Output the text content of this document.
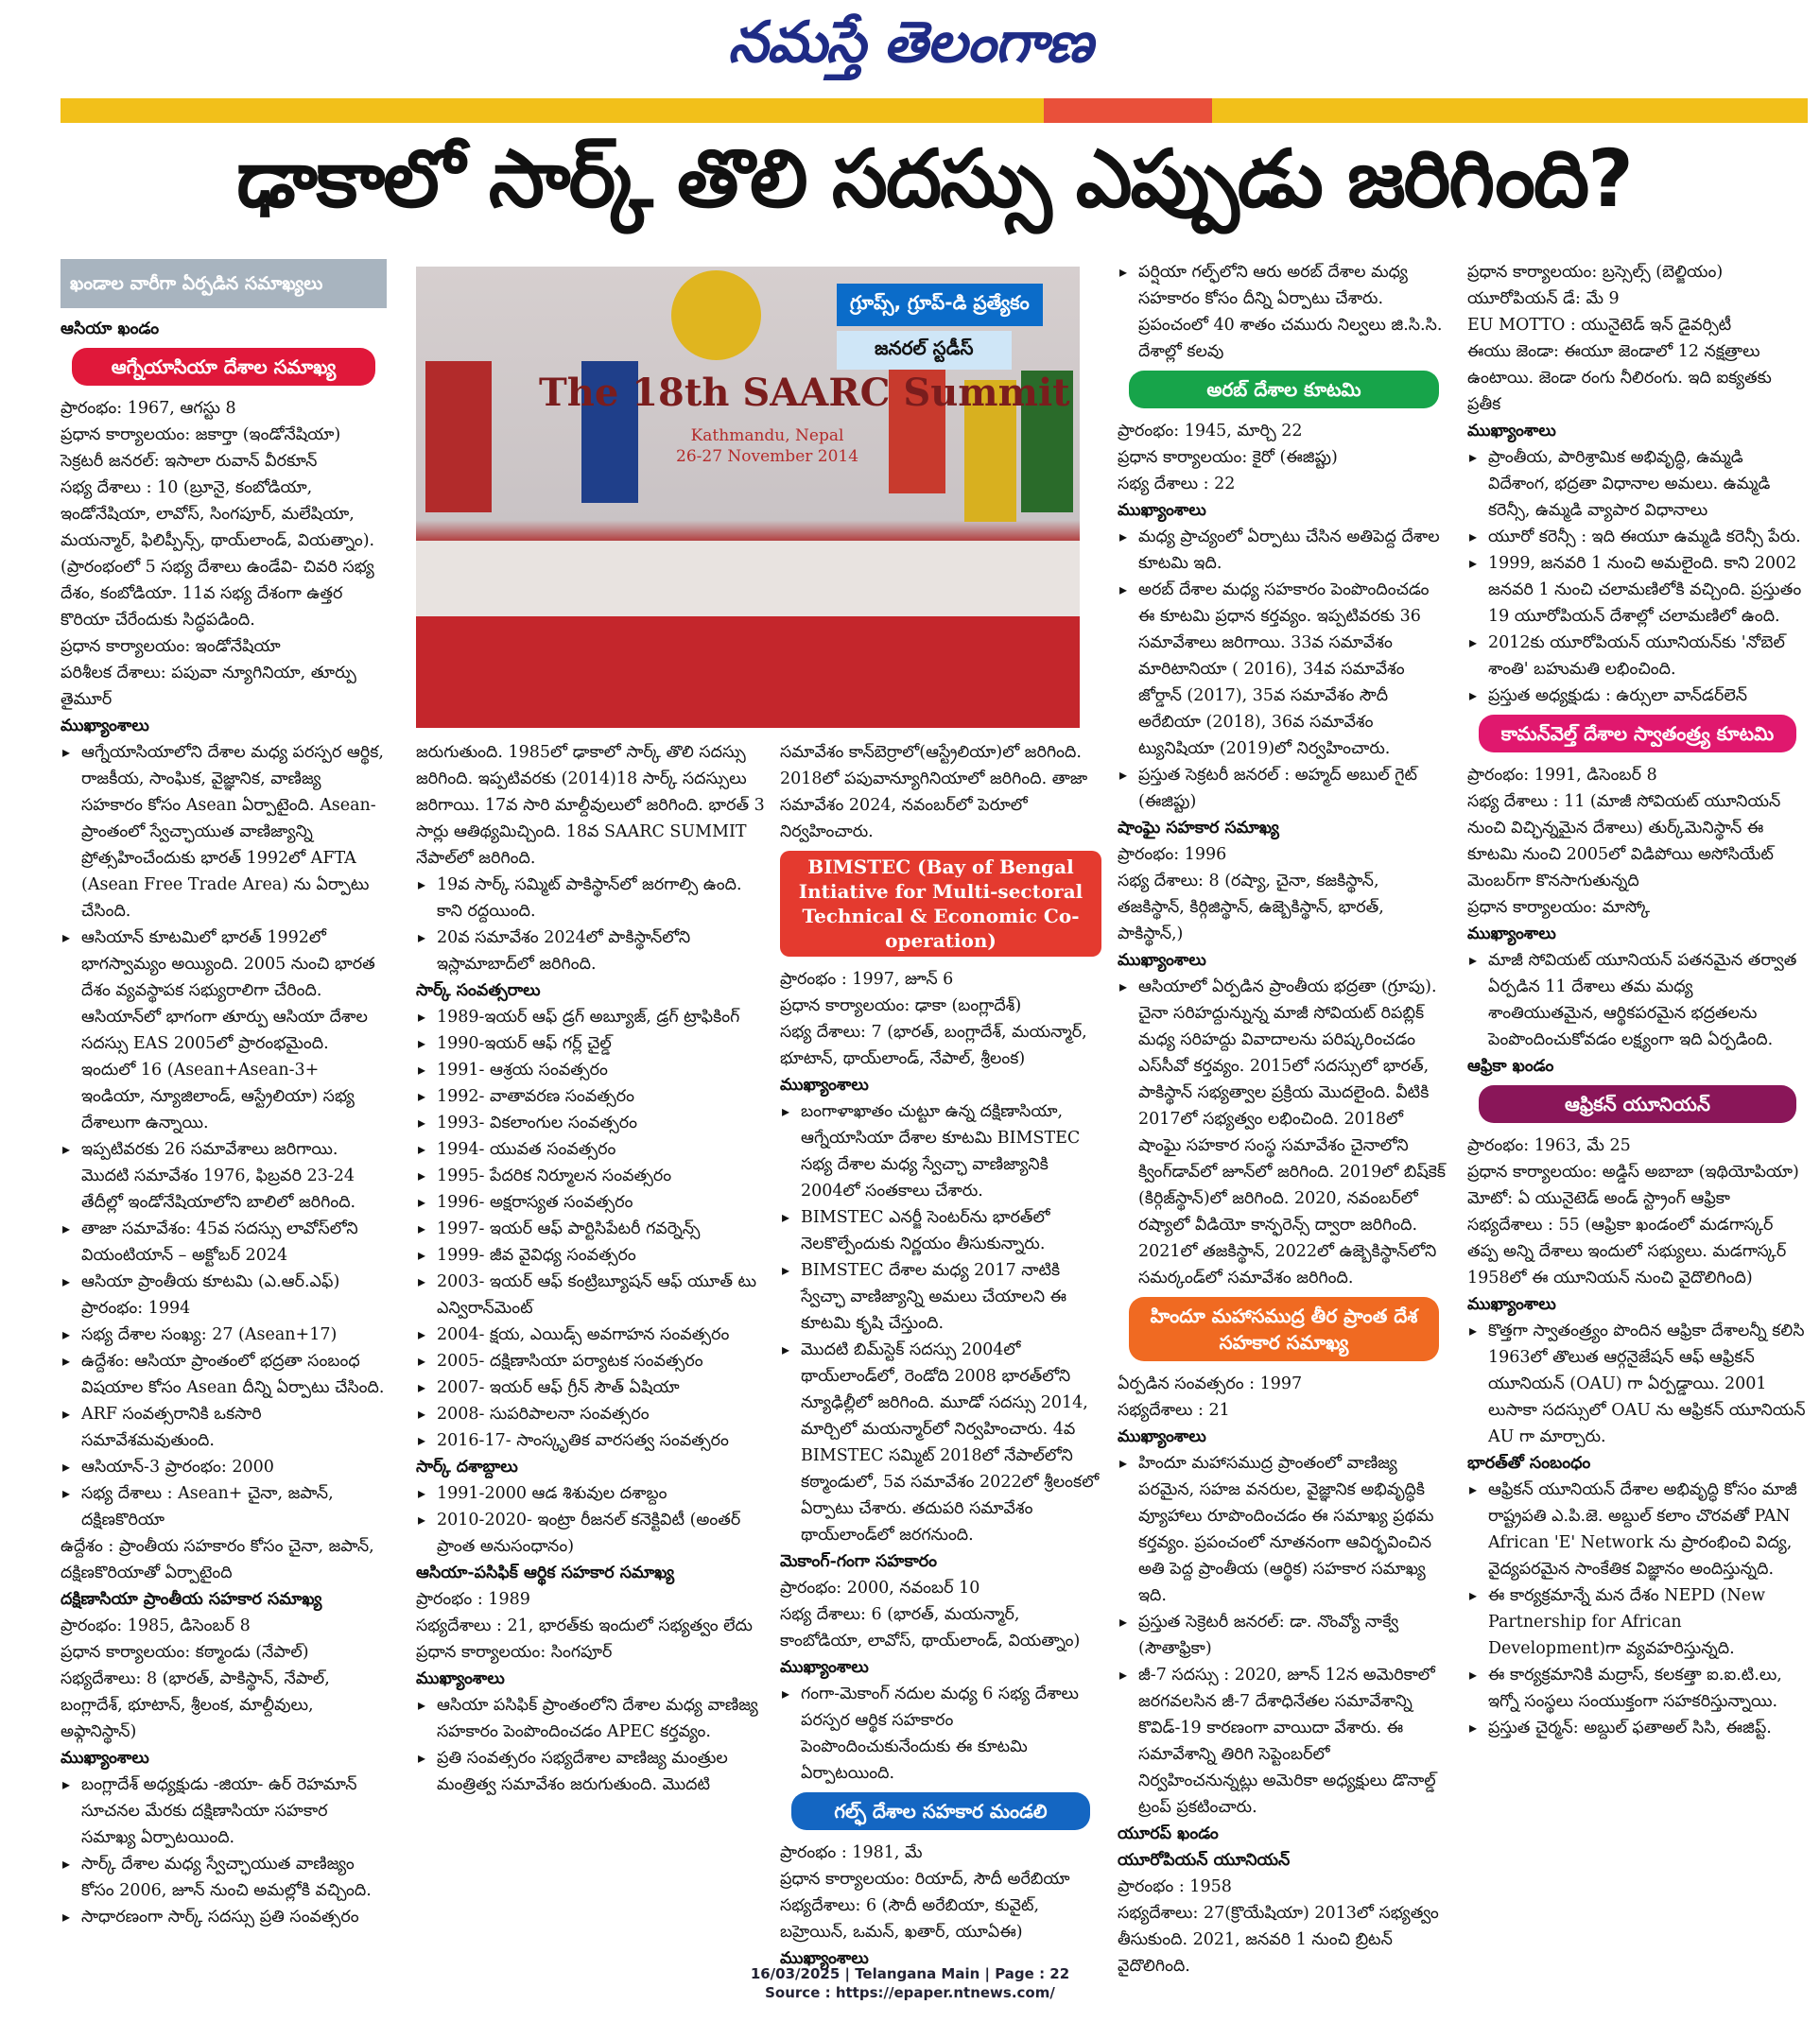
నమస్తే తెలంగాణ
ఢాకాలో సార్క్ తొలి సదస్సు ఎప్పుడు జరిగింది?
The 18th SAARC Summit
Kathmandu, Nepal
26-27 November 2014
గ్రూప్స్, గ్రూప్-డి ప్రత్యేకం
జనరల్ స్టడీస్
ఖండాల వారీగా ఏర్పడిన సమాఖ్యలు

ఆసియా ఖండం

ఆగ్నేయాసియా దేశాల సమాఖ్య

ప్రారంభం: 1967, ఆగస్టు 8

ప్రధాన కార్యాలయం: జకార్తా (ఇండోనేషియా)

సెక్రటరీ జనరల్: ఇసాలా రువాన్ వీరకూన్

సభ్య దేశాలు : 10 (బ్రూనై, కంబోడియా, ఇండోనేషియా, లావోస్, సింగపూర్, మలేషియా, మయన్మార్, ఫిలిప్పీన్స్, థాయ్‌లాండ్, వియత్నాం). (ప్రారంభంలో 5 సభ్య దేశాలు ఉండేవి- చివరి సభ్య దేశం, కంబోడియా. 11వ సభ్య దేశంగా ఉత్తర కొరియా చేరేందుకు సిద్ధపడింది.

ప్రధాన కార్యాలయం: ఇండోనేషియా

పరిశీలక దేశాలు: పపువా న్యూగినియా, తూర్పు తైమూర్

ముఖ్యాంశాలు

▸ ఆగ్నేయాసియాలోని దేశాల మధ్య పరస్పర ఆర్థిక, రాజకీయ, సాంఘిక, వైజ్ఞానిక, వాణిజ్య సహకారం కోసం Asean ఏర్పాటైంది. Asean- ప్రాంతంలో స్వేచ్ఛాయుత వాణిజ్యాన్ని ప్రోత్సహించేందుకు భారత్ 1992లో AFTA (Asean Free Trade Area) ను ఏర్పాటు చేసింది.

▸ ఆసియాన్ కూటమిలో భారత్ 1992లో భాగస్వామ్యం అయ్యింది. 2005 నుంచి భారత దేశం వ్యవస్థాపక సభ్యురాలిగా చేరింది. ఆసియాన్‌లో భాగంగా తూర్పు ఆసియా దేశాల సదస్సు EAS 2005లో ప్రారంభమైంది. ఇందులో 16 (Asean+Asean-3+ ఇండియా, న్యూజిలాండ్, ఆస్ట్రేలియా) సభ్య దేశాలుగా ఉన్నాయి.

▸ ఇప్పటివరకు 26 సమావేశాలు జరిగాయి. మొదటి సమావేశం 1976, ఫిబ్రవరి 23-24 తేదీల్లో ఇండోనేషియాలోని బాలిలో జరిగింది.

▸ తాజా సమావేశం: 45వ సదస్సు లావోస్‌లోని వియంటియాన్ – అక్టోబర్ 2024

▸ ఆసియా ప్రాంతీయ కూటమి (ఎ.ఆర్.ఎఫ్) ప్రారంభం: 1994

▸ సభ్య దేశాల సంఖ్య: 27 (Asean+17)

▸ ఉద్దేశం: ఆసియా ప్రాంతంలో భద్రతా సంబంధ విషయాల కోసం Asean దీన్ని ఏర్పాటు చేసింది.

▸ ARF సంవత్సరానికి ఒకసారి సమావేశమవుతుంది.

▸ ఆసియాన్-3 ప్రారంభం: 2000

▸ సభ్య దేశాలు : Asean+ చైనా, జపాన్, దక్షిణకొరియా

ఉద్దేశం : ప్రాంతీయ సహకారం కోసం చైనా, జపాన్, దక్షిణకొరియాతో ఏర్పాటైంది

దక్షిణాసియా ప్రాంతీయ సహకార సమాఖ్య

ప్రారంభం: 1985, డిసెంబర్ 8

ప్రధాన కార్యాలయం: కఠ్మాండు (నేపాల్)

సభ్యదేశాలు: 8 (భారత్, పాకిస్థాన్, నేపాల్, బంగ్లాదేశ్, భూటాన్, శ్రీలంక, మాల్దీవులు, అఫ్గానిస్థాన్)

ముఖ్యాంశాలు

▸ బంగ్లాదేశ్ అధ్యక్షుడు -జియా- ఉర్ రెహమాన్ సూచనల మేరకు దక్షిణాసియా సహకార సమాఖ్య ఏర్పాటయింది.

▸ సార్క్ దేశాల మధ్య స్వేచ్ఛాయుత వాణిజ్యం కోసం 2006, జూన్ నుంచి అమల్లోకి వచ్చింది.

▸ సాధారణంగా సార్క్ సదస్సు ప్రతి సంవత్సరం

జరుగుతుంది. 1985లో ఢాకాలో సార్క్ తొలి సదస్సు జరిగింది. ఇప్పటివరకు (2014)18 సార్క్ సదస్సులు జరిగాయి. 17వ సారి మాల్దీవులులో జరిగింది. భారత్ 3 సార్లు ఆతిథ్యమిచ్చింది. 18వ SAARC SUMMIT నేపాల్‌లో జరిగింది.

▸ 19వ సార్క్ సమ్మిట్ పాకిస్థాన్‌లో జరగాల్సి ఉంది. కాని రద్దయింది.

▸ 20వ సమావేశం 2024లో పాకిస్థాన్‌లోని ఇస్లామాబాద్‌లో జరిగింది.

సార్క్ సంవత్సరాలు

▸ 1989-ఇయర్ ఆఫ్ డ్రగ్ అబ్యూజ్, డ్రగ్ ట్రాఫికింగ్

▸ 1990-ఇయర్ ఆఫ్ గర్ల్ చైల్డ్

▸ 1991- ఆశ్రయ సంవత్సరం

▸ 1992- వాతావరణ సంవత్సరం

▸ 1993- వికలాంగుల సంవత్సరం

▸ 1994- యువత సంవత్సరం

▸ 1995- పేదరిక నిర్మూలన సంవత్సరం

▸ 1996- అక్షరాస్యత సంవత్సరం

▸ 1997- ఇయర్ ఆఫ్ పార్టిసిపేటరీ గవర్నెన్స్

▸ 1999- జీవ వైవిధ్య సంవత్సరం

▸ 2003- ఇయర్ ఆఫ్ కంట్రిబ్యూషన్ ఆఫ్ యూత్ టు ఎన్విరాన్‌మెంట్

▸ 2004- క్షయ, ఎయిడ్స్ అవగాహన సంవత్సరం

▸ 2005- దక్షిణాసియా పర్యాటక సంవత్సరం

▸ 2007- ఇయర్ ఆఫ్ గ్రీన్ సౌత్ ఏషియా

▸ 2008- సుపరిపాలనా సంవత్సరం

▸ 2016-17- సాంస్కృతిక వారసత్వ సంవత్సరం

సార్క్ దశాబ్దాలు

▸ 1991-2000 ఆడ శిశువుల దశాబ్దం

▸ 2010-2020- ఇంట్రా రీజనల్ కనెక్టివిటీ (అంతర్ ప్రాంత అనుసంధానం)

ఆసియా-పసిఫిక్ ఆర్థిక సహకార సమాఖ్య

ప్రారంభం : 1989

సభ్యదేశాలు : 21, భారత్‌కు ఇందులో సభ్యత్వం లేదు

ప్రధాన కార్యాలయం: సింగపూర్

ముఖ్యాంశాలు

▸ ఆసియా పసిఫిక్ ప్రాంతంలోని దేశాల మధ్య వాణిజ్య సహకారం పెంపొందించడం APEC కర్తవ్యం.

▸ ప్రతి సంవత్సరం సభ్యదేశాల వాణిజ్య మంత్రుల మంత్రిత్వ సమావేశం జరుగుతుంది. మొదటి

సమావేశం కాన్‌బెర్రాలో(ఆస్ట్రేలియా)లో జరిగింది. 2018లో పపువాన్యూగినియాలో జరిగింది. తాజా సమావేశం 2024, నవంబర్‌లో పెరూలో నిర్వహించారు.

BIMSTEC (Bay of Bengal Intiative for Multi-sectoral Technical & Economic Co-operation)

ప్రారంభం : 1997, జూన్ 6

ప్రధాన కార్యాలయం: ఢాకా (బంగ్లాదేశ్)

సభ్య దేశాలు: 7 (భారత్, బంగ్లాదేశ్, మయన్మార్, భూటాన్, థాయ్‌లాండ్, నేపాల్, శ్రీలంక)

ముఖ్యాంశాలు

▸ బంగాళాఖాతం చుట్టూ ఉన్న దక్షిణాసియా, ఆగ్నేయాసియా దేశాల కూటమి BIMSTEC సభ్య దేశాల మధ్య స్వేచ్ఛా వాణిజ్యానికి 2004లో సంతకాలు చేశారు.

▸ BIMSTEC ఎనర్జీ సెంటర్‌ను భారత్‌లో నెలకొల్పేందుకు నిర్ణయం తీసుకున్నారు.

▸ BIMSTEC దేశాల మధ్య 2017 నాటికి స్వేచ్ఛా వాణిజ్యాన్ని అమలు చేయాలని ఈ కూటమి కృషి చేస్తుంది.

▸ మొదటి బిమ్‌స్టెక్ సదస్సు 2004లో థాయ్‌లాండ్‌లో, రెండోది 2008 భారత్‌లోని న్యూఢిల్లీలో జరిగింది. మూడో సదస్సు 2014, మార్చిలో మయన్మార్‌లో నిర్వహించారు. 4వ BIMSTEC సమ్మిట్ 2018లో నేపాల్‌లోని కఠ్మాండులో, 5వ సమావేశం 2022లో శ్రీలంకలో ఏర్పాటు చేశారు. తదుపరి సమావేశం థాయ్‌లాండ్‌లో జరగనుంది.

మెకాంగ్-గంగా సహకారం

ప్రారంభం: 2000, నవంబర్ 10

సభ్య దేశాలు: 6 (భారత్, మయన్మార్, కాంబోడియా, లావోస్, థాయ్‌లాండ్, వియత్నాం)

ముఖ్యాంశాలు

▸ గంగా-మెకాంగ్ నదుల మధ్య 6 సభ్య దేశాలు పరస్పర ఆర్థిక సహకారం పెంపొందించుకునేందుకు ఈ కూటమి ఏర్పాటయింది.

గల్ఫ్ దేశాల సహకార మండలి

ప్రారంభం : 1981, మే

ప్రధాన కార్యాలయం: రియాద్, సౌదీ అరేబియా

సభ్యదేశాలు: 6 (సౌదీ అరేబియా, కువైట్, బహ్రెయిన్, ఒమన్, ఖతార్, యూఏఈ)

ముఖ్యాంశాలు

▸ పర్షియా గల్ఫ్‌లోని ఆరు అరబ్ దేశాల మధ్య సహకారం కోసం దీన్ని ఏర్పాటు చేశారు. ప్రపంచంలో 40 శాతం చమురు నిల్వలు జి.సి.సి. దేశాల్లో కలవు

అరబ్ దేశాల కూటమి

ప్రారంభం: 1945, మార్చి 22

ప్రధాన కార్యాలయం: కైరో (ఈజిప్టు)

సభ్య దేశాలు : 22

ముఖ్యాంశాలు

▸ మధ్య ప్రాచ్యంలో ఏర్పాటు చేసిన అతిపెద్ద దేశాల కూటమి ఇది.

▸ అరబ్ దేశాల మధ్య సహకారం పెంపొందించడం ఈ కూటమి ప్రధాన కర్తవ్యం. ఇప్పటివరకు 36 సమావేశాలు జరిగాయి. 33వ సమావేశం మారిటానియా ( 2016), 34వ సమావేశం జోర్డాన్ (2017), 35వ సమావేశం సౌదీ అరేబియా (2018), 36వ సమావేశం ట్యునిషియా (2019)లో నిర్వహించారు.

▸ ప్రస్తుత సెక్రటరీ జనరల్ : అహ్మద్ అబుల్ గైట్ (ఈజిప్టు)

షాంఘై సహకార సమాఖ్య

ప్రారంభం: 1996

సభ్య దేశాలు: 8 (రష్యా, చైనా, కజకిస్థాన్, తజకిస్థాన్, కిర్గిజిస్థాన్, ఉజ్బెకిస్థాన్, భారత్, పాకిస్థాన్,)

ముఖ్యాంశాలు

▸ ఆసియాలో ఏర్పడిన ప్రాంతీయ భద్రతా (గ్రూపు). చైనా సరిహద్దున్నున్న మాజీ సోవియట్ రిపబ్లిక్ మధ్య సరిహద్దు వివాదాలను పరిష్కరించడం ఎస్‌సీవో కర్తవ్యం. 2015లో సదస్సులో భారత్, పాకిస్థాన్ సభ్యత్వాల ప్రక్రియ మొదలైంది. వీటికి 2017లో సభ్యత్వం లభించింది. 2018లో షాంఘై సహకార సంస్థ సమావేశం చైనాలోని క్వింగ్‌డావ్‌లో జూన్‌లో జరిగింది. 2019లో బిష్‌కెక్ (కిర్గిజ్‌స్థాన్)లో జరిగింది. 2020, నవంబర్‌లో రష్యాలో వీడియో కాన్ఫరెన్స్ ద్వారా జరిగింది. 2021లో తజకిస్థాన్, 2022లో ఉజ్బెకిస్థాన్‌లోని సమర్కండ్‌లో సమావేశం జరిగింది.

హిందూ మహాసముద్ర తీర ప్రాంత దేశ సహకార సమాఖ్య

ఏర్పడిన సంవత్సరం : 1997

సభ్యదేశాలు : 21

ముఖ్యాంశాలు

▸ హిందూ మహాసముద్ర ప్రాంతంలో వాణిజ్య పరమైన, సహజ వనరుల, వైజ్ఞానిక అభివృద్ధికి వ్యూహాలు రూపొందించడం ఈ సమాఖ్య ప్రథమ కర్తవ్యం. ప్రపంచంలో నూతనంగా ఆవిర్భవించిన అతి పెద్ద ప్రాంతీయ (ఆర్థిక) సహకార సమాఖ్య ఇది.

▸ ప్రస్తుత సెక్రెటరీ జనరల్: డా. నొంవ్యో నాక్వే (సౌతాఫ్రికా)

▸ జీ-7 సదస్సు : 2020, జూన్ 12న అమెరికాలో జరగవలసిన జీ-7 దేశాధినేతల సమావేశాన్ని కొవిడ్-19 కారణంగా వాయిదా వేశారు. ఈ సమావేశాన్ని తిరిగి సెప్టెంబర్‌లో నిర్వహించనున్నట్లు అమెరికా అధ్యక్షులు డొనాల్డ్ ట్రంప్ ప్రకటించారు.

యూరప్ ఖండం

యూరోపియన్ యూనియన్

ప్రారంభం : 1958

సభ్యదేశాలు: 27(క్రొయేషియా) 2013లో సభ్యత్వం తీసుకుంది. 2021, జనవరి 1 నుంచి బ్రిటన్ వైదొలిగింది.

ప్రధాన కార్యాలయం: బ్రస్సెల్స్ (బెల్జియం)

యూరోపియన్ డే: మే 9

EU MOTTO : యునైటెడ్ ఇన్ డైవర్సిటీ

ఈయు జెండా: ఈయూ జెండాలో 12 నక్షత్రాలు ఉంటాయి. జెండా రంగు నీలిరంగు. ఇది ఐక్యతకు ప్రతీక

ముఖ్యాంశాలు

▸ ప్రాంతీయ, పారిశ్రామిక అభివృద్ధి, ఉమ్మడి విదేశాంగ, భద్రతా విధానాల అమలు. ఉమ్మడి కరెన్సీ, ఉమ్మడి వ్యాపార విధానాలు

▸ యూరో కరెన్సీ : ఇది ఈయూ ఉమ్మడి కరెన్సీ పేరు.

▸ 1999, జనవరి 1 నుంచి అమలైంది. కాని 2002 జనవరి 1 నుంచి చలామణిలోకి వచ్చింది. ప్రస్తుతం 19 యూరోపియన్ దేశాల్లో చలామణిలో ఉంది.

▸ 2012కు యూరోపియన్ యూనియన్‌కు 'నోబెల్ శాంతి' బహుమతి లభించింది.

▸ ప్రస్తుత అధ్యక్షుడు : ఉర్సులా వాన్‌డర్‌లెన్

కామన్‌వెల్త్ దేశాల స్వాతంత్ర్య కూటమి

ప్రారంభం: 1991, డిసెంబర్ 8

సభ్య దేశాలు : 11 (మాజీ సోవియట్ యూనియన్ నుంచి విచ్ఛిన్నమైన దేశాలు) తుర్క్‌మెనిస్థాన్ ఈ కూటమి నుంచి 2005లో విడిపోయి అసోసియేట్ మెంబర్‌గా కొనసాగుతున్నది

ప్రధాన కార్యాలయం: మాస్కో

ముఖ్యాంశాలు

▸ మాజీ సోవియట్ యూనియన్ పతనమైన తర్వాత ఏర్పడిన 11 దేశాలు తమ మధ్య శాంతియుతమైన, ఆర్థికపరమైన భద్రతలను పెంపొందించుకోవడం లక్ష్యంగా ఇది ఏర్పడింది.

ఆఫ్రికా ఖండం

ఆఫ్రికన్ యూనియన్

ప్రారంభం: 1963, మే 25

ప్రధాన కార్యాలయం: అడ్డిస్ అబాబా (ఇథియోపియా)

మోటో: ఏ యునైటెడ్ అండ్ స్ట్రాంగ్ ఆఫ్రికా

సభ్యదేశాలు : 55 (ఆఫ్రికా ఖండంలో మడగాస్కర్ తప్ప అన్ని దేశాలు ఇందులో సభ్యులు. మడగాస్కర్ 1958లో ఈ యూనియన్ నుంచి వైదొలిగింది)

ముఖ్యాంశాలు

▸ కొత్తగా స్వాతంత్ర్యం పొందిన ఆఫ్రికా దేశాలన్నీ కలిసి 1963లో తొలుత ఆర్గనైజేషన్ ఆఫ్ ఆఫ్రికన్ యూనియన్ (OAU) గా ఏర్పడ్డాయి. 2001 లుసాకా సదస్సులో OAU ను ఆఫ్రికన్ యూనియన్ AU గా మార్చారు.

భారత్‌తో సంబంధం

▸ ఆఫ్రికన్ యూనియన్ దేశాల అభివృద్ధి కోసం మాజీ రాష్ట్రపతి ఎ.పి.జె. అబ్దుల్ కలాం చొరవతో PAN African 'E' Network ను ప్రారంభించి విద్య, వైద్యపరమైన సాంకేతిక విజ్ఞానం అందిస్తున్నది.

▸ ఈ కార్యక్రమాన్నే మన దేశం NEPD (New Partnership for African Development)గా వ్యవహరిస్తున్నది.

▸ ఈ కార్యక్రమానికి మద్రాస్, కలకత్తా ఐ.ఐ.టి.లు, ఇగ్నో సంస్థలు సంయుక్తంగా సహకరిస్తున్నాయి.

▸ ప్రస్తుత చైర్మన్: అబ్దుల్ ఫతాఅల్ సిసి, ఈజిప్ట్.

16/03/2025 | Telangana Main | Page : 22
Source : https://epaper.ntnews.com/
